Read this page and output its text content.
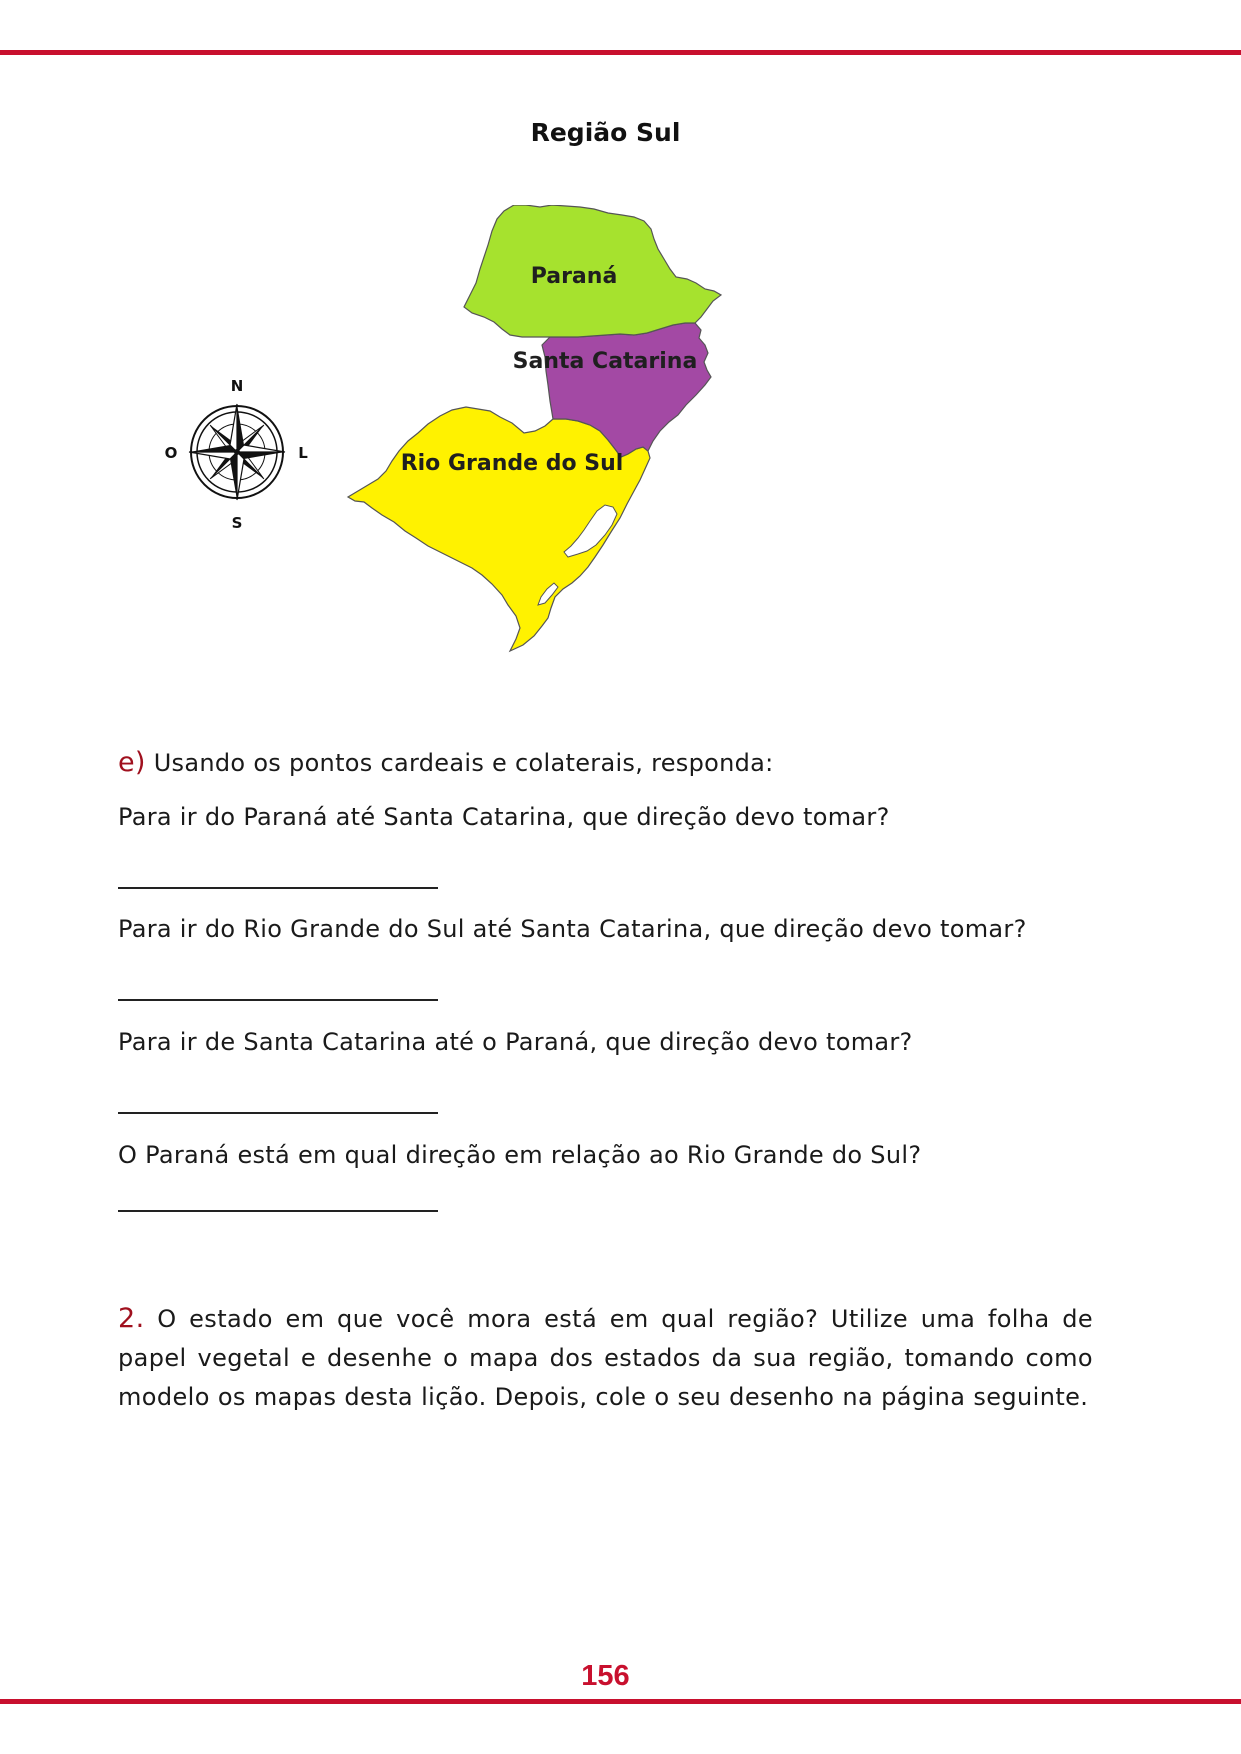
Região Sul
N
S
O	L
Paraná
Santa Catarina
Rio Grande do Sul
e) Usando os pontos cardeais e colaterais, responda:
Para ir do Paraná até Santa Catarina, que direção devo tomar?
Para ir do Rio Grande do Sul até Santa Catarina, que direção devo tomar?
Para ir de Santa Catarina até o Paraná, que direção devo tomar?
O Paraná está em qual direção em relação ao Rio Grande do Sul?
2. O estado em que você mora está em qual região? Utilize uma folha de papel vegetal e desenhe o mapa dos estados da sua região, tomando como modelo os mapas desta lição. Depois, cole o seu desenho na página seguinte.
156
